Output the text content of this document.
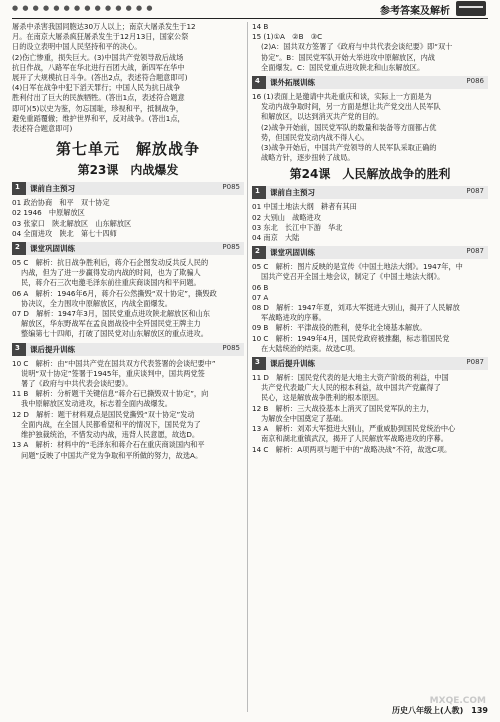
● ● ● ● ● ● ● ● ● ● ● ● ● ●	参考答案及解析

屠杀中杀害我国同胞达30万人以上；南京大屠杀发生于12

月。在南京大屠杀疯狂屠杀发生于12月13日，国家公祭

日的设立表明中国人民坚持和平的决心。

(2)伤亡惨重，损失巨大。(3)中国共产党领导敌后战场

抗日作战，八路军在华北进行百团大战，新四军在华中

展开了大规模抗日斗争。(答出2点，表述符合题意即可)

(4)日军在战争中犯下滔天罪行；中国人民为抗日战争

胜利付出了巨大的民族牺牲。(答出1点，表述符合题意

即可)(5)以史为鉴，勿忘国耻，珍视和平，抵制战争，

避免重蹈覆辙；维护世界和平，反对战争。(答出1点，

表述符合题意即可)

第七单元　解放战争
第23课　内战爆发
1 课前自主预习	P085

01 政治协商　和平　双十协定

02 1946　中原解放区

03 张家口　陕北解放区　山东解放区

04 全面进攻　陕北　第七十四师

2 课堂巩固训练	P085

05 C　解析：抗日战争胜利后，蒋介石企图发动反共反人民的

内战，但为了进一步赢得发动内战的时间，也为了欺骗人

民，蒋介石三次电邀毛泽东前往重庆商谈国内和平问题。

06 A　解析：1946年6月，蒋介石公然撕毁“双十协定”，撕毁政

协决议，全力围攻中原解放区，内战全面爆发。

07 D　解析：1947年3月，国民党重点进攻陕北解放区和山东

解放区，华东野战军在孟良崮战役中全歼国民党王牌主力

整编第七十四师，打破了国民党对山东解放区的重点进攻。

3 课后提升训练	P085

10 C　解析：由“中国共产党在国共双方代表签署的会谈纪要中”

说明“双十协定”签署于1945年，重庆谈判中，国共两党签

署了《政府与中共代表会谈纪要》。

11 B　解析：分析题干关键信息“蒋介石已撕毁双十协定”，向

我中原解放区发动进攻，标志着全面内战爆发。

12 D　解析：题干材料观点是国民党撕毁“双十协定”发动

全面内战，在全国人民都希望和平的情况下，国民党为了

维护独裁统治，不惜发动内战，违背人民意愿，故选D。

13 A　解析：材料中的“毛泽东和蒋介石在重庆商谈国内和平

问题”反映了中国共产党为争取和平所做的努力，故选A。

14 B

15 (1)①A　②B　③C

(2)A：国共双方签署了《政府与中共代表会谈纪要》即“双十

协定”。B：国民党军队开始大举进攻中原解放区，内战

全面爆发。C：国民党重点进攻陕北和山东解放区。

4 课外拓展训练	P086

16 (1)表面上是邀请中共赴重庆和谈，实际上一方面是为

发动内战争取时间，另一方面是想让共产党交出人民军队

和解放区，以达到消灭共产党的目的。

(2)战争开始前，国民党军队的数量和装备等方面都占优

势，但国民党发动内战不得人心。

(3)战争开始后，中国共产党领导的人民军队采取正确的

战略方针，逐步扭转了战局。

第24课　人民解放战争的胜利
1 课前自主预习	P087

01 中国土地法大纲　耕者有其田

02 大别山　战略进攻

03 东北　长江中下游　华北

04 南京　大陆

2 课堂巩固训练	P087

05 C　解析：图片反映的是宣传《中国土地法大纲》。1947年，中

国共产党召开全国土地会议，制定了《中国土地法大纲》。

06 B

07 A

08 D　解析：1947年夏，刘邓大军挺进大别山，揭开了人民解放

军战略进攻的序幕。

09 B　解析：平津战役的胜利，使华北全境基本解放。

10 C　解析：1949年4月，国民党政府被推翻，标志着国民党

在大陆统治的结束。故选C项。

3 课后提升训练	P087

11 D　解析：国民党代表的是大地主大资产阶级的利益，中国

共产党代表最广大人民的根本利益，故中国共产党赢得了

民心，这是解放战争胜利的根本原因。

12 B　解析：三大战役基本上消灭了国民党军队的主力，

为解放全中国奠定了基础。

13 A　解析：刘邓大军挺进大别山，严重威胁到国民党统治中心

南京和湖北重镇武汉，揭开了人民解放军战略进攻的序幕。

14 C　解析：A项两项与题干中的“战略决战”不符，故选C项。

MXQE.COM
历史八年级上(人教)　139
